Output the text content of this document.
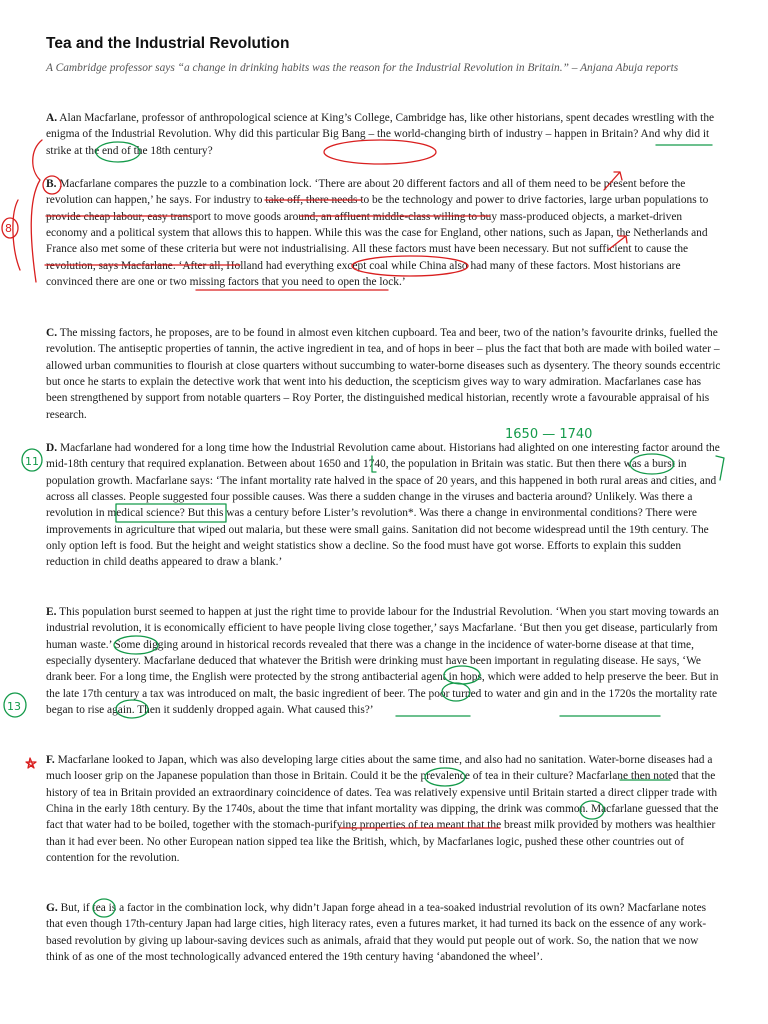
Tea and the Industrial Revolution

A Cambridge professor says “a change in drinking habits was the reason for the Industrial Revolution in Britain.” – Anjana Abuja reports

A. Alan Macfarlane, professor of anthropological science at King’s College, Cambridge has, like other historians, spent decades wrestling with the enigma of the Industrial Revolution. Why did this particular Big Bang – the world-changing birth of industry – happen in Britain? And why did it strike at the end of the 18th century?

B. Macfarlane compares the puzzle to a combination lock. ‘There are about 20 different factors and all of them need to be present before the revolution can happen,’ he says. For industry to take off, there needs to be the technology and power to drive factories, large urban populations to provide cheap labour, easy transport to move goods around, an affluent middle-class willing to buy mass-produced objects, a market-driven economy and a political system that allows this to happen. While this was the case for England, other nations, such as Japan, the Netherlands and France also met some of these criteria but were not industrialising. All these factors must have been necessary. But not sufficient to cause the revolution, says Macfarlane. ‘After all, Holland had everything except coal while China also had many of these factors. Most historians are convinced there are one or two missing factors that you need to open the lock.’

C. The missing factors, he proposes, are to be found in almost even kitchen cupboard. Tea and beer, two of the nation’s favourite drinks, fuelled the revolution. The antiseptic properties of tannin, the active ingredient in tea, and of hops in beer – plus the fact that both are made with boiled water – allowed urban communities to flourish at close quarters without succumbing to water-borne diseases such as dysentery. The theory sounds eccentric but once he starts to explain the detective work that went into his deduction, the scepticism gives way to wary admiration. Macfarlanes case has been strengthened by support from notable quarters – Roy Porter, the distinguished medical historian, recently wrote a favourable appraisal of his research.

D. Macfarlane had wondered for a long time how the Industrial Revolution came about. Historians had alighted on one interesting factor around the mid-18th century that required explanation. Between about 1650 and 1740, the population in Britain was static. But then there was a burst in population growth. Macfarlane says: ‘The infant mortality rate halved in the space of 20 years, and this happened in both rural areas and cities, and across all classes. People suggested four possible causes. Was there a sudden change in the viruses and bacteria around? Unlikely. Was there a revolution in medical science? But this was a century before Lister’s revolution*. Was there a change in environmental conditions? There were improvements in agriculture that wiped out malaria, but these were small gains. Sanitation did not become widespread until the 19th century. The only option left is food. But the height and weight statistics show a decline. So the food must have got worse. Efforts to explain this sudden reduction in child deaths appeared to draw a blank.’

E. This population burst seemed to happen at just the right time to provide labour for the Industrial Revolution. ‘When you start moving towards an industrial revolution, it is economically efficient to have people living close together,’ says Macfarlane. ‘But then you get disease, particularly from human waste.’ Some digging around in historical records revealed that there was a change in the incidence of water-borne disease at that time, especially dysentery. Macfarlane deduced that whatever the British were drinking must have been important in regulating disease. He says, ‘We drank beer. For a long time, the English were protected by the strong antibacterial agent in hops, which were added to help preserve the beer. But in the late 17th century a tax was introduced on malt, the basic ingredient of beer. The poor turned to water and gin and in the 1720s the mortality rate began to rise again. Then it suddenly dropped again. What caused this?’

F. Macfarlane looked to Japan, which was also developing large cities about the same time, and also had no sanitation. Water-borne diseases had a much looser grip on the Japanese population than those in Britain. Could it be the prevalence of tea in their culture? Macfarlane then noted that the history of tea in Britain provided an extraordinary coincidence of dates. Tea was relatively expensive until Britain started a direct clipper trade with China in the early 18th century. By the 1740s, about the time that infant mortality was dipping, the drink was common. Macfarlane guessed that the fact that water had to be boiled, together with the stomach-purifying properties of tea meant that the breast milk provided by mothers was healthier than it had ever been. No other European nation sipped tea like the British, which, by Macfarlanes logic, pushed these other countries out of contention for the revolution.

G. But, if tea is a factor in the combination lock, why didn’t Japan forge ahead in a tea-soaked industrial revolution of its own? Macfarlane notes that even though 17th-century Japan had large cities, high literacy rates, even a futures market, it had turned its back on the essence of any work-based revolution by giving up labour-saving devices such as animals, afraid that they would put people out of work. So, the nation that we now think of as one of the most technologically advanced entered the 19th century having ‘abandoned the wheel’.

8
1650 — 1740
11
13
